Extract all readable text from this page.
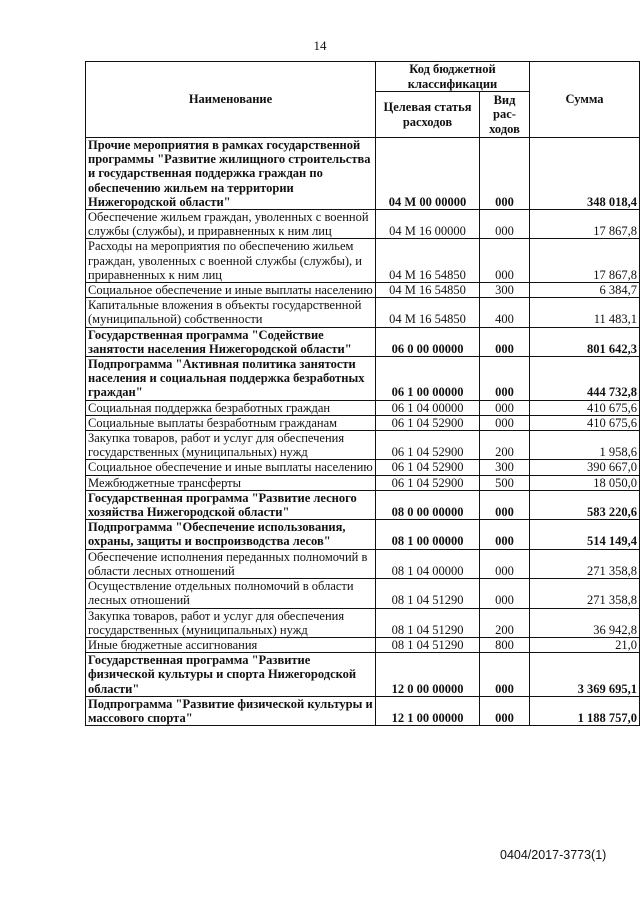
14
Наименование	Код бюджетной классификации		Сумма
	Целевая статья расходов	Вид рас-ходов	
Прочие мероприятия в рамках государственной программы "Развитие жилищного строительства и государственная поддержка граждан по обеспечению жильем на территории Нижегородской области"	04 М 00 00000	000	348 018,4
Обеспечение жильем граждан, уволенных с военной службы (службы), и приравненных к ним лиц	04 М 16 00000	000	17 867,8
Расходы на мероприятия по обеспечению жильем граждан, уволенных с военной службы (службы), и приравненных к ним лиц	04 М 16 54850	000	17 867,8
Социальное обеспечение и иные выплаты населению	04 М 16 54850	300	6 384,7
Капитальные вложения в объекты государственной (муниципальной) собственности	04 М 16 54850	400	11 483,1
Государственная программа "Содействие занятости населения Нижегородской области"	06 0 00 00000	000	801 642,3
Подпрограмма "Активная политика занятости населения и социальная поддержка безработных граждан"	06 1 00 00000	000	444 732,8
Социальная поддержка безработных граждан	06 1 04 00000	000	410 675,6
Социальные выплаты безработным гражданам	06 1 04 52900	000	410 675,6
Закупка товаров, работ и услуг для обеспечения государственных (муниципальных) нужд	06 1 04 52900	200	1 958,6
Социальное обеспечение и иные выплаты населению	06 1 04 52900	300	390 667,0
Межбюджетные трансферты	06 1 04 52900	500	18 050,0
Государственная программа "Развитие лесного хозяйства Нижегородской области"	08 0 00 00000	000	583 220,6
Подпрограмма "Обеспечение использования, охраны, защиты и воспроизводства лесов"	08 1 00 00000	000	514 149,4
Обеспечение исполнения переданных полномочий в области лесных отношений	08 1 04 00000	000	271 358,8
Осуществление отдельных полномочий в области лесных отношений	08 1 04 51290	000	271 358,8
Закупка товаров, работ и услуг для обеспечения государственных (муниципальных) нужд	08 1 04 51290	200	36 942,8
Иные бюджетные ассигнования	08 1 04 51290	800	21,0
Государственная программа "Развитие физической культуры и спорта Нижегородской области"	12 0 00 00000	000	3 369 695,1
Подпрограмма "Развитие физической культуры и массового спорта"	12 1 00 00000	000	1 188 757,0
0404/2017-3773(1)
